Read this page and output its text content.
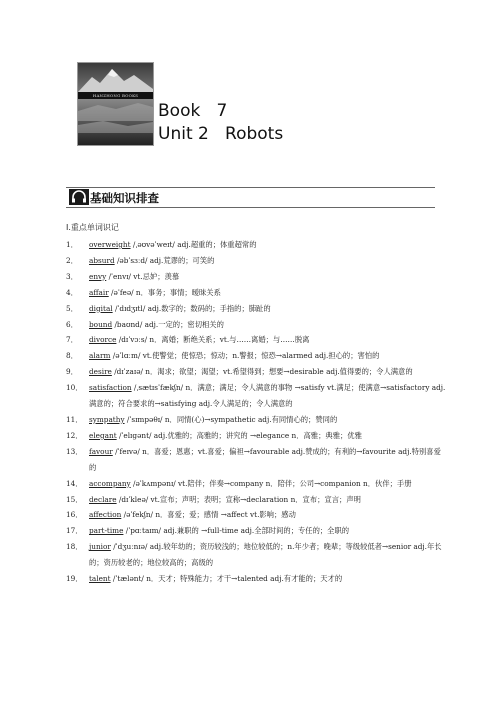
HANZHONG BOOKS
Book   7
Unit 2   Robots
基础知识排查
Ⅰ.重点单词识记
1．	overweight /ˌəʊvəˈweɪt/ adj.超重的；体重超常的
2．	absurd /əbˈsɜːd/ adj.荒谬的；可笑的
3．	envy /ˈenvɪ/ vt.忌妒；羡慕
4．	affair /əˈfeə/ n．事务；事情；暧昧关系
5．	digital /ˈdɪdʒɪtl/ adj.数字的；数码的；手指的；肺趾的
6．	bound /baʊnd/ adj.一定的；密切相关的
7．	divorce /dɪˈvɔːs/ n．离婚；断绝关系；vt.与……离婚；与……脱离
8．	alarm /əˈlɑːm/ vt.使警觉；使惊恐；惊动；n.警报；惊恐→alarmed adj.担心的；害怕的
9．	desire /dɪˈzaɪə/ n．渴求；欲望；渴望；vt.希望得到；想要→desirable adj.值得要的；令人满意的
10． satisfaction /ˌsætɪsˈfækʃn/ n．满意；满足；令人满意的事物 →satisfy vt.满足；使满意→satisfactory adj.满意的；符合要求的→satisfying adj.令人满足的；令人满意的
11． sympathy /ˈsɪmpəθɪ/ n．同情(心)→sympathetic adj.有同情心的；赞同的
12． elegant /ˈelɪgənt/ adj.优雅的；高雅的；讲究的 →elegance n．高雅；典雅；优雅
13． favour /ˈfeɪvə/ n．喜爱；恩惠；vt.喜爱；偏袒→favourable adj.赞成的；有利的→favourite adj.特别喜爱的
14． accompany /əˈkʌmpənɪ/ vt.陪伴；伴奏→company n．陪伴；公司→companion n．伙伴；手册
15． declare /dɪˈkleə/ vt.宣布；声明；表明；宣称→declaration n．宣布；宣言；声明
16． affection /əˈfekʃn/ n．喜爱；爱；感情 →affect vt.影响；感动
17． part-time /ˈpɑːtaɪm/ adj.兼职的 →full-time adj.全部时间的；专任的；全职的
18． junior /ˈdʒuːnɪə/ adj.较年幼的；资历较浅的；地位较低的；n.年少者；晚辈；等级较低者→senior adj.年长的；资历较老的；地位较高的；高级的
19． talent /ˈtælənt/ n．天才；特殊能力；才干→talented adj.有才能的；天才的
